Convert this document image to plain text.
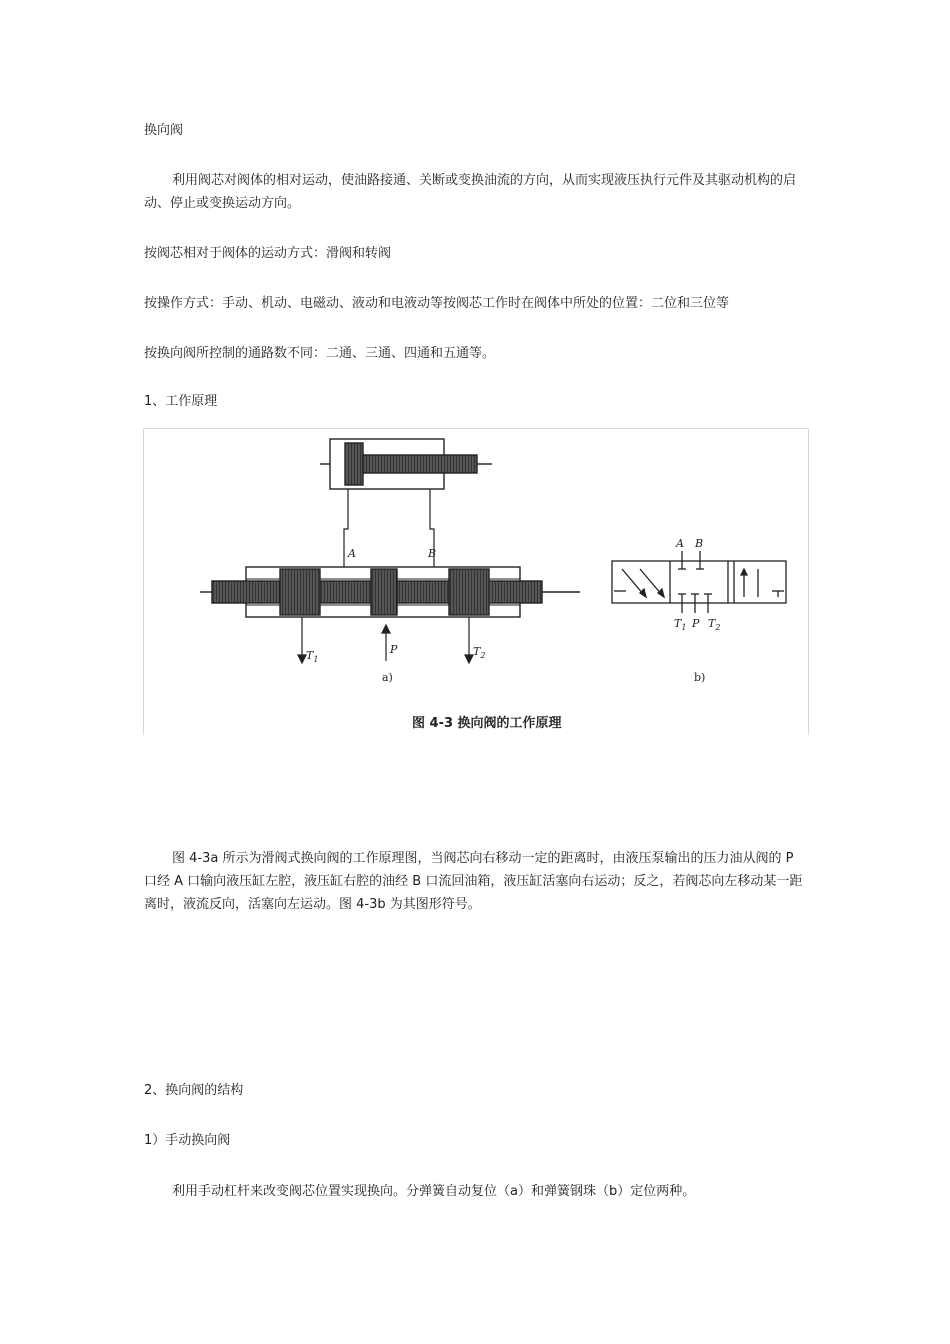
换向阀
利用阀芯对阀体的相对运动，使油路接通、关断或变换油流的方向，从而实现液压执行元件及其驱动机构的启动、停止或变换运动方向。
按阀芯相对于阀体的运动方式：滑阀和转阀
按操作方式：手动、机动、电磁动、液动和电液动等按阀芯工作时在阀体中所处的位置：二位和三位等
按换向阀所控制的通路数不同：二通、三通、四通和五通等。
1、工作原理
A	B
$T_1$
P	$T_2$
a)
A B
$T_1$ P $T_2$
b)
图 4-3 换向阀的工作原理
图 4-3a 所示为滑阀式换向阀的工作原理图，当阀芯向右移动一定的距离时，由液压泵输出的压力油从阀的 P 口经 A 口输向液压缸左腔，液压缸右腔的油经 B 口流回油箱，液压缸活塞向右运动；反之，若阀芯向左移动某一距离时，液流反向，活塞向左运动。图 4-3b 为其图形符号。
2、换向阀的结构
1）手动换向阀
利用手动杠杆来改变阀芯位置实现换向。分弹簧自动复位（a）和弹簧钢珠（b）定位两种。
